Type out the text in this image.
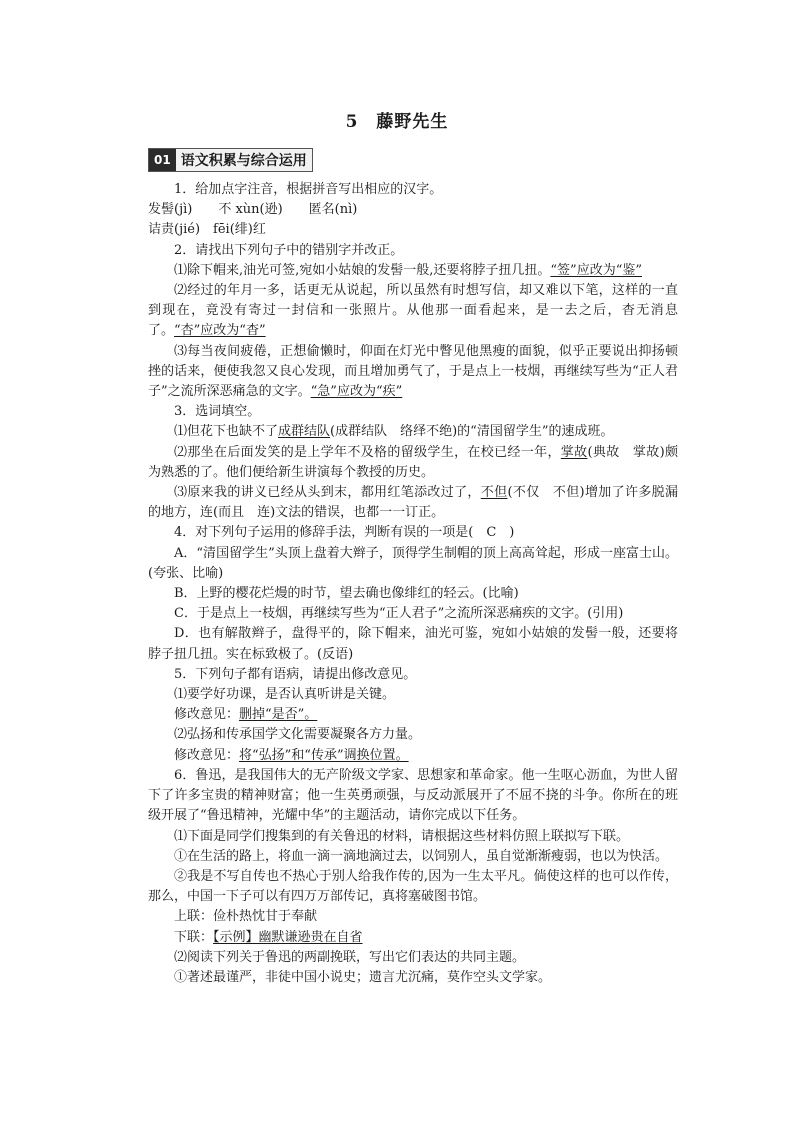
5　藤野先生
01 语文积累与综合运用
1．给加点字注音，根据拼音写出相应的汉字。
发髻(jì)　　不 xùn(逊)　　匿名(nì)
诘责(jié)　fēi(绯)红
2．请找出下列句子中的错别字并改正。
⑴除下帽来,油光可签,宛如小姑娘的发髻一般,还要将脖子扭几扭。“签”应改为“鉴”
⑵经过的年月一多，话更无从说起，所以虽然有时想写信，却又难以下笔，这样的一直到现在，竟没有寄过一封信和一张照片。从他那一面看起来，是一去之后，杳无消息了。“杏”应改为“杳”
⑶每当夜间疲倦，正想偷懒时，仰面在灯光中瞥见他黑瘦的面貌，似乎正要说出抑扬顿挫的话来，便使我忽又良心发现，而且增加勇气了，于是点上一枝烟，再继续写些为“正人君子”之流所深恶痛急的文字。“急”应改为“疾”
3．选词填空。
⑴但花下也缺不了成群结队(成群结队　络绎不绝)的“清国留学生”的速成班。
⑵那坐在后面发笑的是上学年不及格的留级学生，在校已经一年，掌故(典故　掌故)颇为熟悉的了。他们便给新生讲演每个教授的历史。
⑶原来我的讲义已经从头到末，都用红笔添改过了，不但(不仅　不但)增加了许多脱漏的地方，连(而且　连)文法的错误，也都一一订正。
4．对下列句子运用的修辞手法，判断有误的一项是(　C　)
A．“清国留学生”头顶上盘着大辫子，顶得学生制帽的顶上高高耸起，形成一座富士山。(夸张、比喻)
B．上野的樱花烂熳的时节，望去确也像绯红的轻云。(比喻)
C．于是点上一枝烟，再继续写些为“正人君子”之流所深恶痛疾的文字。(引用)
D．也有解散辫子，盘得平的，除下帽来，油光可鉴，宛如小姑娘的发髻一般，还要将脖子扭几扭。实在标致极了。(反语)
5．下列句子都有语病，请提出修改意见。
⑴要学好功课，是否认真听讲是关键。
修改意见：删掉“是否”。
⑵弘扬和传承国学文化需要凝聚各方力量。
修改意见：将“弘扬”和“传承”调换位置。
6．鲁迅，是我国伟大的无产阶级文学家、思想家和革命家。他一生呕心沥血，为世人留下了许多宝贵的精神财富；他一生英勇顽强，与反动派展开了不屈不挠的斗争。你所在的班级开展了“鲁迅精神，光耀中华”的主题活动，请你完成以下任务。
⑴下面是同学们搜集到的有关鲁迅的材料，请根据这些材料仿照上联拟写下联。
①在生活的路上，将血一滴一滴地滴过去，以饲别人，虽自觉渐渐瘦弱，也以为快活。
②我是不写自传也不热心于别人给我作传的,因为一生太平凡。倘使这样的也可以作传，那么，中国一下子可以有四万万部传记，真将塞破图书馆。
上联：俭朴热忱甘于奉献
下联：【示例】幽默谦逊贵在自省
⑵阅读下列关于鲁迅的两副挽联，写出它们表达的共同主题。
①著述最谨严，非徒中国小说史；遗言尤沉痛，莫作空头文学家。
